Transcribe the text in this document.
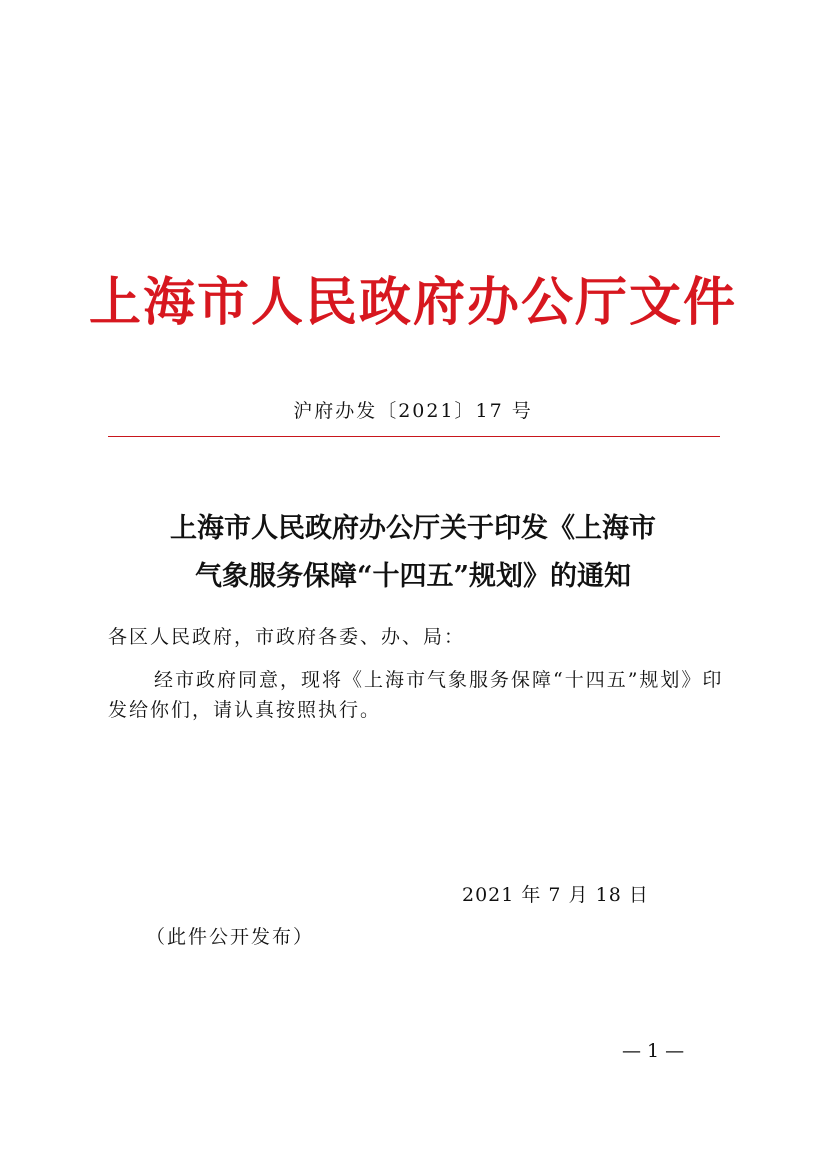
上海市人民政府办公厅文件
沪府办发〔2021〕17 号
上海市人民政府办公厅关于印发《上海市
气象服务保障“十四五”规划》的通知
各区人民政府，市政府各委、办、局：
经市政府同意，现将《上海市气象服务保障“十四五”规划》印
发给你们，请认真按照执行。
2021 年 7 月 18 日
（此件公开发布）
— 1 —
